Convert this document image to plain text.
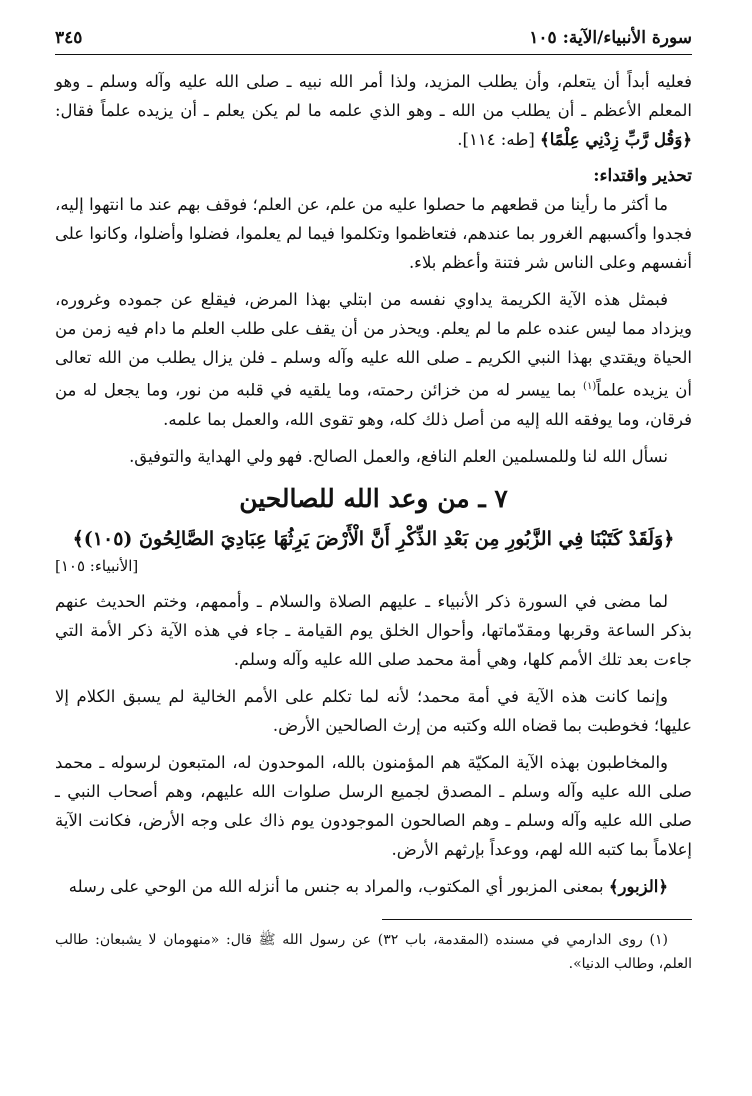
سورة الأنبياء/الآية: ١٠٥
٣٤٥

فعليه أبداً أن يتعلم، وأن يطلب المزيد، ولذا أمر الله نبيه ـ صلى الله عليه وآله وسلم ـ وهو المعلم الأعظم ـ أن يطلب من الله ـ وهو الذي علمه ما لم يكن يعلم ـ أن يزيده علماً فقال: ﴿وَقُل رَّبِّ زِدْنِي عِلْمًا﴾ [طه: ١١٤].

تحذير واقتداء:

ما أكثر ما رأينا من قطعهم ما حصلوا عليه من علم، عن العلم؛ فوقف بهم عند ما انتهوا إليه، فجدوا وأكسبهم الغرور بما عندهم، فتعاظموا وتكلموا فيما لم يعلموا، فضلوا وأضلوا، وكانوا على أنفسهم وعلى الناس شر فتنة وأعظم بلاء.

فبمثل هذه الآية الكريمة يداوي نفسه من ابتلي بهذا المرض، فيقلع عن جموده وغروره، ويزداد مما ليس عنده علم ما لم يعلم. ويحذر من أن يقف على طلب العلم ما دام فيه زمن من الحياة ويقتدي بهذا النبي الكريم ـ صلى الله عليه وآله وسلم ـ فلن يزال يطلب من الله تعالى أن يزيده علماً$^{(١)}$ بما ييسر له من خزائن رحمته، وما يلقيه في قلبه من نور، وما يجعل له من فرقان، وما يوفقه الله إليه من أصل ذلك كله، وهو تقوى الله، والعمل بما علمه.

نسأل الله لنا وللمسلمين العلم النافع، والعمل الصالح. فهو ولي الهداية والتوفيق.

٧ ـ من وعد الله للصالحين
﴿وَلَقَدْ كَتَبْنَا فِي الزَّبُورِ مِن بَعْدِ الذِّكْرِ أَنَّ الْأَرْضَ يَرِثُهَا عِبَادِيَ الصَّالِحُونَ (١٠٥)﴾
[الأنبياء: ١٠٥]

لما مضى في السورة ذكر الأنبياء ـ عليهم الصلاة والسلام ـ وأممهم، وختم الحديث عنهم بذكر الساعة وقربها ومقدّماتها، وأحوال الخلق يوم القيامة ـ جاء في هذه الآية ذكر الأمة التي جاءت بعد تلك الأمم كلها، وهي أمة محمد صلى الله عليه وآله وسلم.

وإنما كانت هذه الآية في أمة محمد؛ لأنه لما تكلم على الأمم الخالية لم يسبق الكلام إلا عليها؛ فخوطبت بما قضاه الله وكتبه من إرث الصالحين الأرض.

والمخاطبون بهذه الآية المكيّة هم المؤمنون بالله، الموحدون له، المتبعون لرسوله ـ محمد صلى الله عليه وآله وسلم ـ المصدق لجميع الرسل صلوات الله عليهم، وهم أصحاب النبي ـ صلى الله عليه وآله وسلم ـ وهم الصالحون الموجودون يوم ذاك على وجه الأرض، فكانت الآية إعلاماً بما كتبه الله لهم، ووعداً بإرثهم الأرض.

﴿الزبور﴾ بمعنى المزبور أي المكتوب، والمراد به جنس ما أنزله الله من الوحي على رسله

(١) روى الدارمي في مسنده (المقدمة، باب ٣٢) عن رسول الله ﷺ قال: «منهومان لا يشبعان: طالب العلم، وطالب الدنيا».
